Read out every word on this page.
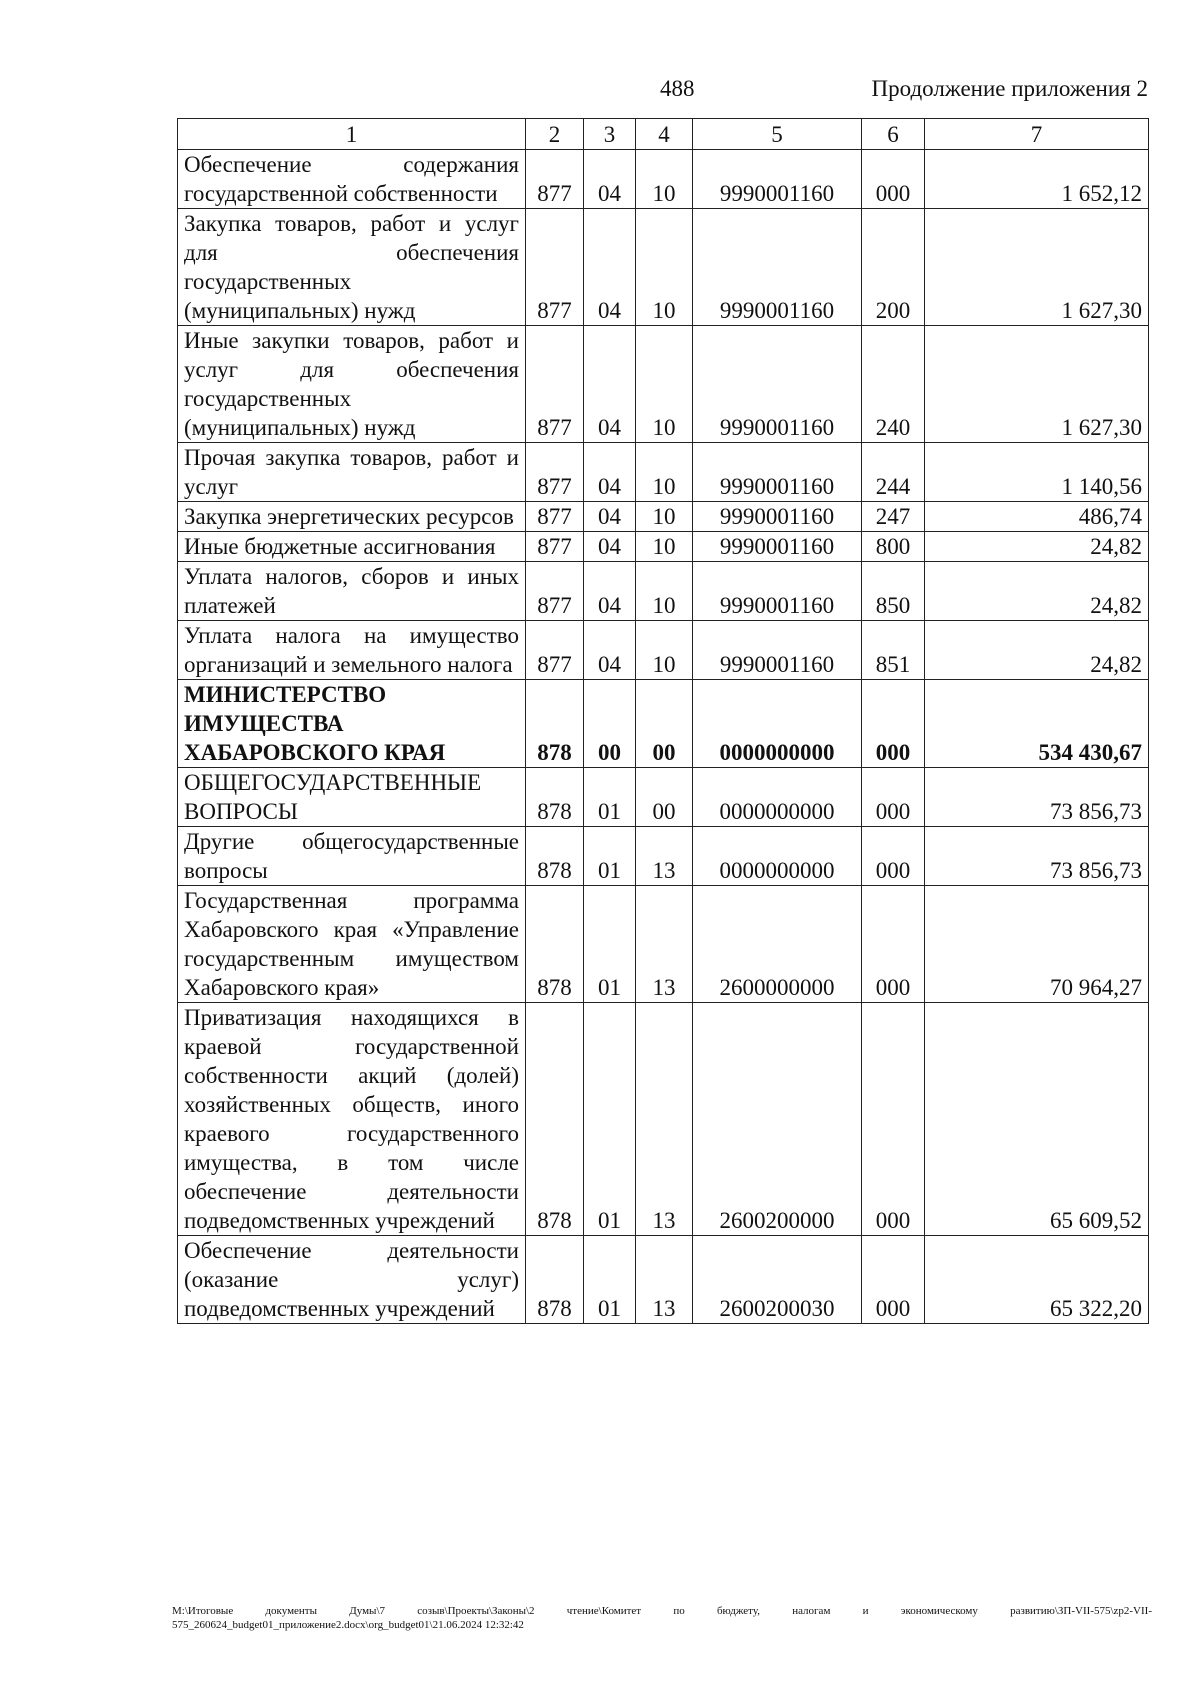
488	Продолжение приложения 2
1	2	3	4	5	6	7
Обеспечение содержания государственной собственности	877	04	10	9990001160	000	1 652,12
Закупка товаров, работ и услуг для обеспечения государственных (муниципальных) нужд	877	04	10	9990001160	200	1 627,30
Иные закупки товаров, работ и услуг для обеспечения государственных (муниципальных) нужд	877	04	10	9990001160	240	1 627,30
Прочая закупка товаров, работ и услуг	877	04	10	9990001160	244	1 140,56
Закупка энергетических ресурсов	877	04	10	9990001160	247	486,74
Иные бюджетные ассигнования	877	04	10	9990001160	800	24,82
Уплата налогов, сборов и иных платежей	877	04	10	9990001160	850	24,82
Уплата налога на имущество организаций и земельного налога	877	04	10	9990001160	851	24,82
МИНИСТЕРСТВО ИМУЩЕСТВА ХАБАРОВСКОГО КРАЯ	878	00	00	0000000000	000	534 430,67
ОБЩЕГОСУДАРСТВЕННЫЕ ВОПРОСЫ	878	01	00	0000000000	000	73 856,73
Другие общегосударственные вопросы	878	01	13	0000000000	000	73 856,73
Государственная программа Хабаровского края «Управление государственным имуществом Хабаровского края»	878	01	13	2600000000	000	70 964,27
Приватизация находящихся в краевой государственной собственности акций (долей) хозяйственных обществ, иного краевого государственного имущества, в том числе обеспечение деятельности подведомственных учреждений	878	01	13	2600200000	000	65 609,52
Обеспечение деятельности (оказание услуг) подведомственных учреждений	878	01	13	2600200030	000	65 322,20
M:\Итоговые документы Думы\7 созыв\Проекты\Законы\2 чтение\Комитет по бюджету, налогам и экономическому развитию\ЗП-VII-575\zp2-VII-575_260624_budget01_приложение2.docx\org_budget01\21.06.2024 12:32:42
